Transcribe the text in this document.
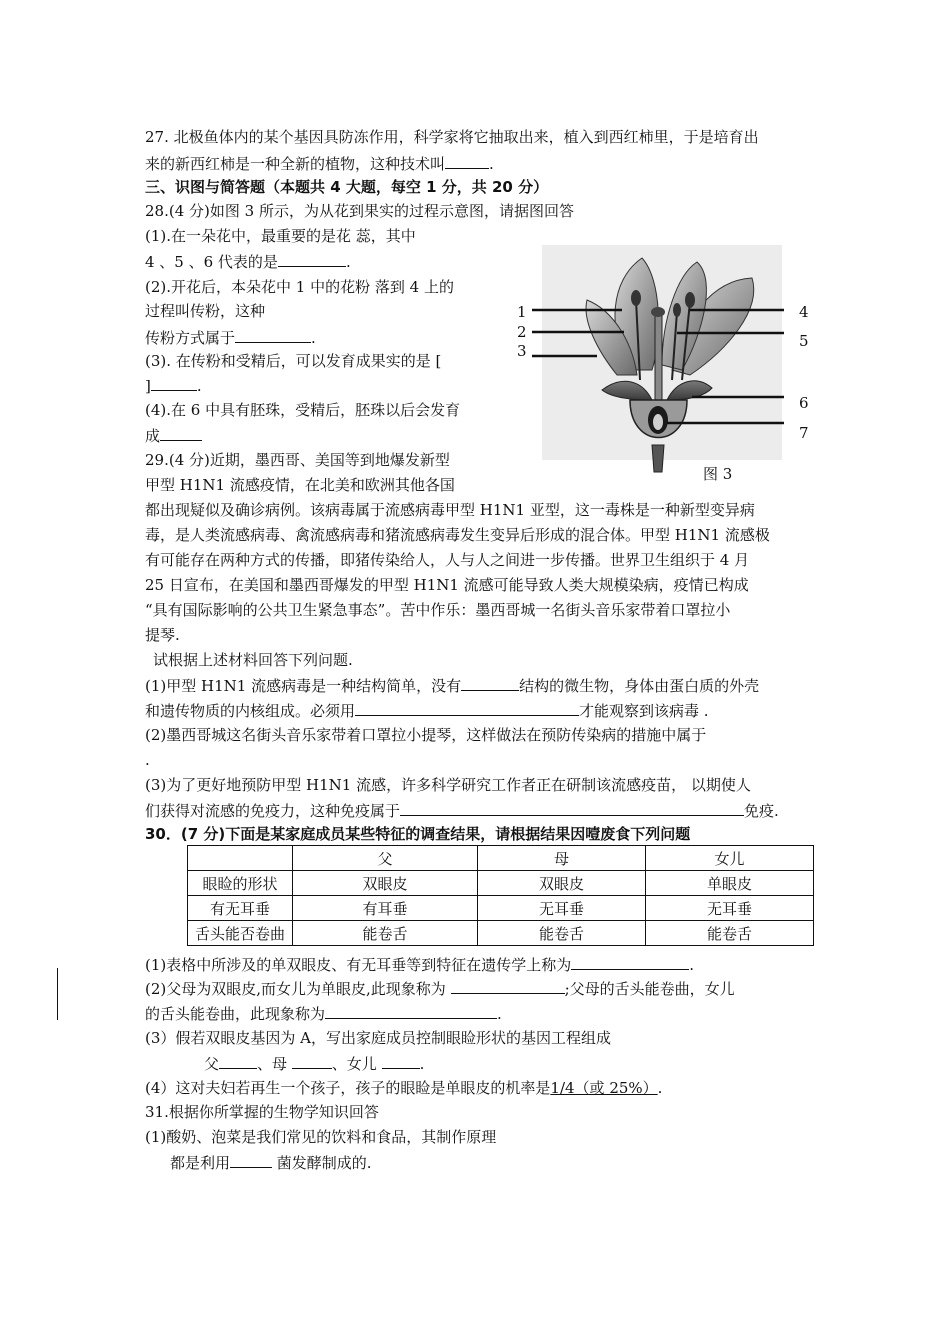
27. 北极鱼体内的某个基因具防冻作用，科学家将它抽取出来，植入到西红柿里，于是培育出
来的新西红柿是一种全新的植物，这种技术叫	.
三、识图与简答题（本题共 4 大题，每空 1 分，共 20 分）
28.(4 分)如图 3 所示，为从花到果实的过程示意图，请据图回答
(1).在一朵花中，最重要的是花 蕊，其中
4 、5 、6 代表的是	.
(2).开花后，本朵花中 1 中的花粉 落到 4 上的
过程叫传粉，这种
传粉方式属于	.
(3). 在传粉和受精后，可以发育成果实的是 [
]	.
(4).在 6 中具有胚珠，受精后，胚珠以后会发育
成
1
2
3
4
5
6
7
图 3
29.(4 分)近期，墨西哥、美国等到地爆发新型
甲型 H1N1 流感疫情，在北美和欧洲其他各国
都出现疑似及确诊病例。该病毒属于流感病毒甲型 H1N1 亚型，这一毒株是一种新型变异病
毒，是人类流感病毒、禽流感病毒和猪流感病毒发生变异后形成的混合体。甲型 H1N1 流感极
有可能存在两种方式的传播，即猪传染给人，人与人之间进一步传播。世界卫生组织于 4 月
25 日宣布，在美国和墨西哥爆发的甲型 H1N1 流感可能导致人类大规模染病，疫情已构成
“具有国际影响的公共卫生紧急事态”。苦中作乐：墨西哥城一名街头音乐家带着口罩拉小
提琴.
试根据上述材料回答下列问题.
(1)甲型 H1N1 流感病毒是一种结构简单，没有	结构的微生物，身体由蛋白质的外壳
和遗传物质的内核组成。必须用	才能观察到该病毒 .
(2)墨西哥城这名街头音乐家带着口罩拉小提琴，这样做法在预防传染病的措施中属于
.
(3)为了更好地预防甲型 H1N1 流感，许多科学研究工作者正在研制该流感疫苗， 以期使人
们获得对流感的免疫力，这种免疫属于	免疫.
30．(7 分)下面是某家庭成员某些特征的调查结果，请根据结果因噎废食下列问题
	父	母	女儿
眼睑的形状	双眼皮	双眼皮	单眼皮
有无耳垂	有耳垂	无耳垂	无耳垂
舌头能否卷曲	能卷舌	能卷舌	能卷舌
(1)表格中所涉及的单双眼皮、有无耳垂等到特征在遗传学上称为	.
(2)父母为双眼皮,而女儿为单眼皮,此现象称为	;父母的舌头能卷曲，女儿
的舌头能卷曲，此现象称为	.
(3）假若双眼皮基因为 A，写出家庭成员控制眼睑形状的基因工程组成
父	、母	、女儿	.
(4）这对夫妇若再生一个孩子，孩子的眼睑是单眼皮的机率是1/4（或 25%）.
31.根据你所掌握的生物学知识回答
(1)酸奶、泡菜是我们常见的饮料和食品，其制作原理
都是利用	菌发酵制成的.
